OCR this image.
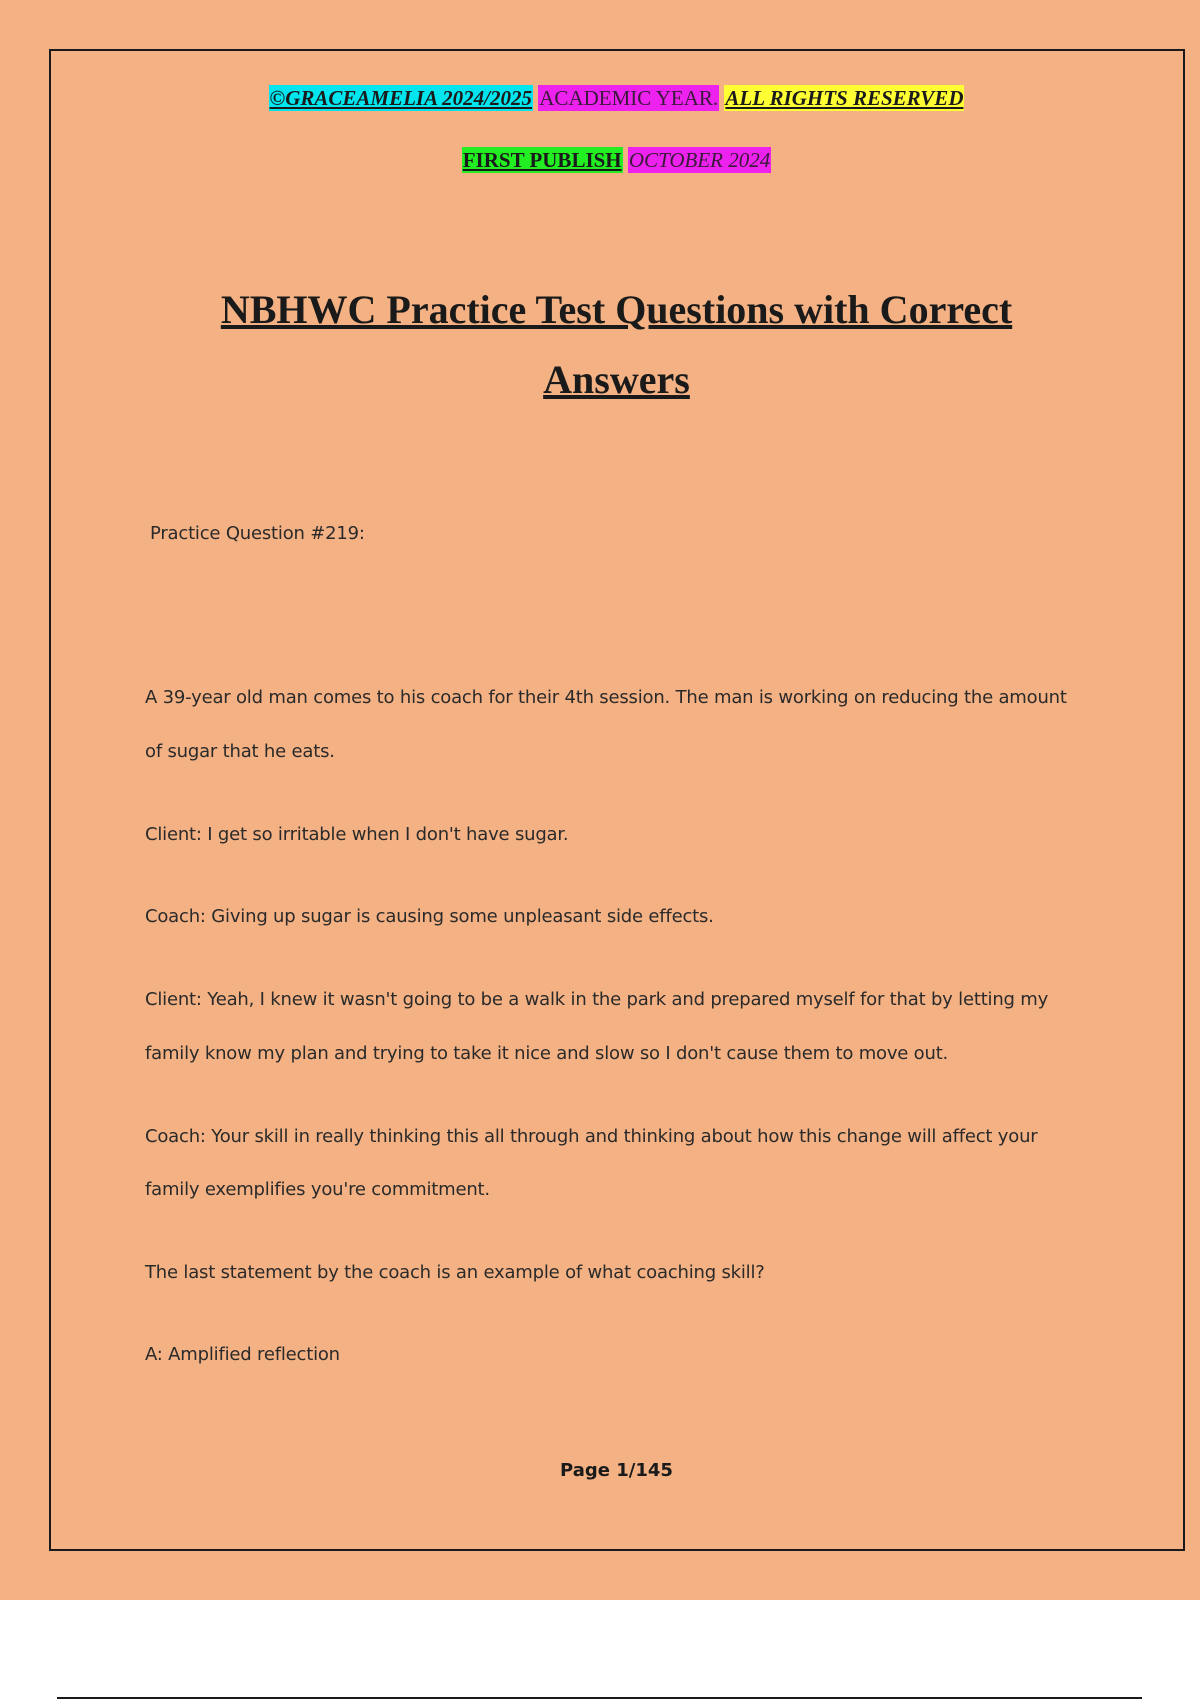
©GRACEAMELIA 2024/2025 ACADEMIC YEAR. ALL RIGHTS RESERVED
FIRST PUBLISH OCTOBER 2024
NBHWC Practice Test Questions with Correct
Answers
Practice Question #219:
A 39-year old man comes to his coach for their 4th session. The man is working on reducing the amount
of sugar that he eats.
Client: I get so irritable when I don't have sugar.
Coach: Giving up sugar is causing some unpleasant side effects.
Client: Yeah, I knew it wasn't going to be a walk in the park and prepared myself for that by letting my
family know my plan and trying to take it nice and slow so I don't cause them to move out.
Coach: Your skill in really thinking this all through and thinking about how this change will affect your
family exemplifies you're commitment.
The last statement by the coach is an example of what coaching skill?
A: Amplified reflection
Page 1/145
